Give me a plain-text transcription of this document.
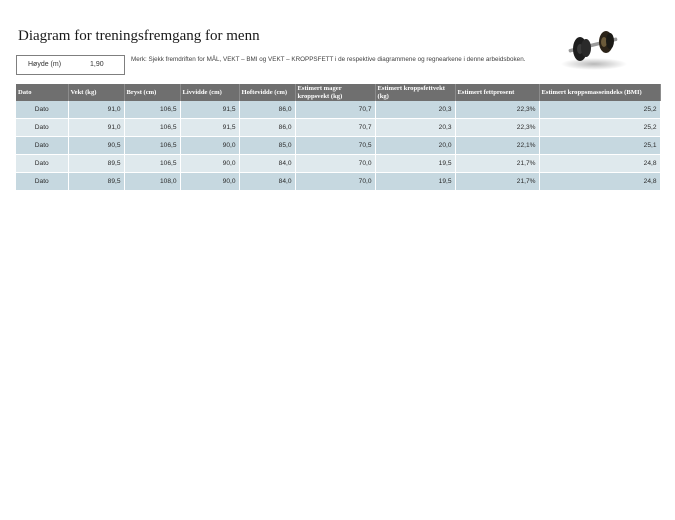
Diagram for treningsfremgang for menn
Høyde (m)	1,90
Merk: Sjekk fremdriften for MÅL, VEKT – BMI og VEKT – KROPPSFETT i de respektive diagrammene og regnearkene i denne arbeidsboken.
Dato	Vekt (kg)	Bryst (cm)	Livvidde (cm)	Hoftevidde (cm)	Estimert mager kroppsvekt (kg)	Estimert kroppsfettvekt (kg)	Estimert fettprosent	Estimert kroppsmasseindeks (BMI)
Dato	91,0	106,5	91,5	86,0	70,7	20,3	22,3%	25,2
Dato	91,0	106,5	91,5	86,0	70,7	20,3	22,3%	25,2
Dato	90,5	106,5	90,0	85,0	70,5	20,0	22,1%	25,1
Dato	89,5	106,5	90,0	84,0	70,0	19,5	21,7%	24,8
Dato	89,5	108,0	90,0	84,0	70,0	19,5	21,7%	24,8
